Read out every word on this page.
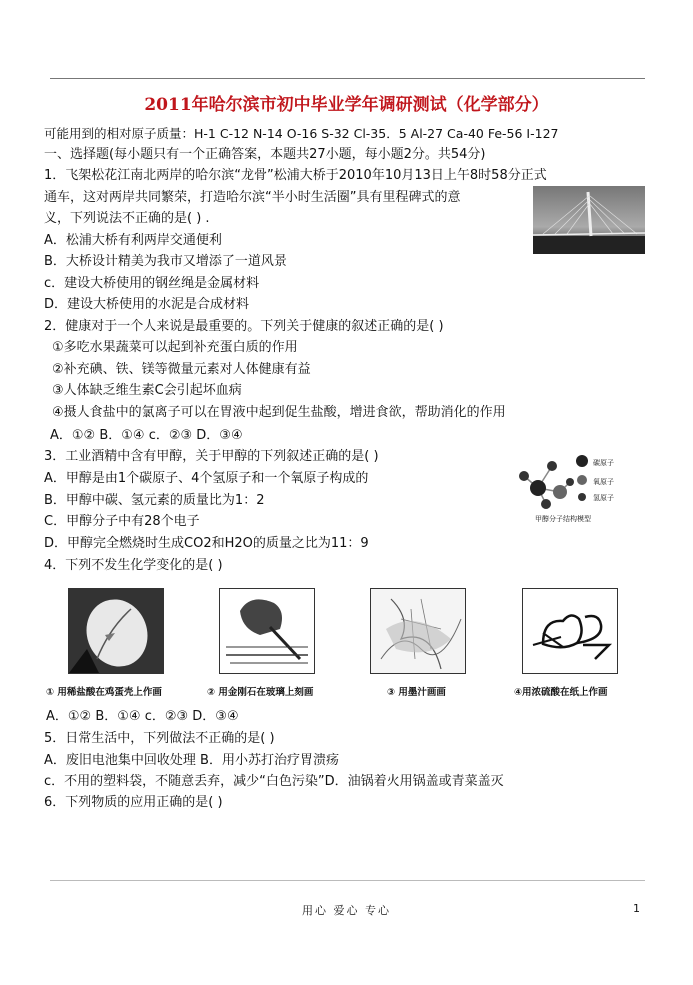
2011年哈尔滨市初中毕业学年调研测试（化学部分）
可能用到的相对原子质量：H-1 C-12 N-14 O-16 S-32 Cl-35．5 Al-27 Ca-40 Fe-56 I-127
一、选择题(每小题只有一个正确答案，本题共27小题，每小题2分。共54分)
1．飞架松花江南北两岸的哈尔滨“龙骨”松浦大桥于2010年10月13日上午8时58分正式
通车，这对两岸共同繁荣，打造哈尔滨“半小时生活圈”具有里程碑式的意
义，下列说法不正确的是( ) .
A．松浦大桥有利两岸交通便利
B．大桥设计精美为我市又增添了一道风景
c．建设大桥使用的钢丝绳是金属材料
D．建设大桥使用的水泥是合成材料
2．健康对于一个人来说是最重要的。下列关于健康的叙述正确的是( )
①多吃水果蔬菜可以起到补充蛋白质的作用
②补充碘、铁、镁等微量元素对人体健康有益
③人体缺乏维生素C会引起坏血病
④摄人食盐中的氯离子可以在胃液中起到促生盐酸，增进食欲，帮助消化的作用
A．①② B．①④ c．②③ D．③④
3．工业酒精中含有甲醇，关于甲醇的下列叙述正确的是( )
A．甲醇是由1个碳原子、4个氢原子和一个氧原子构成的
B．甲醇中碳、氢元素的质量比为1：2
C．甲醇分子中有28个电子
D．甲醇完全燃烧时生成CO2和H2O的质量之比为11：9
碳原子
氧原子
氢原子
甲醇分子结构模型
4．下列不发生化学变化的是( )
① 用稀盐酸在鸡蛋壳上作画	② 用金刚石在玻璃上刻画	③ 用墨汁画画	④用浓硫酸在纸上作画
A．①② B．①④ c．②③ D．③④
5．日常生活中，下列做法不正确的是( )
A．废旧电池集中回收处理 B．用小苏打治疗胃溃疡
c．不用的塑料袋，不随意丢弃，减少“白色污染”D．油锅着火用锅盖或青菜盖灭
6．下列物质的应用正确的是( )
用心 爱心 专心	1
